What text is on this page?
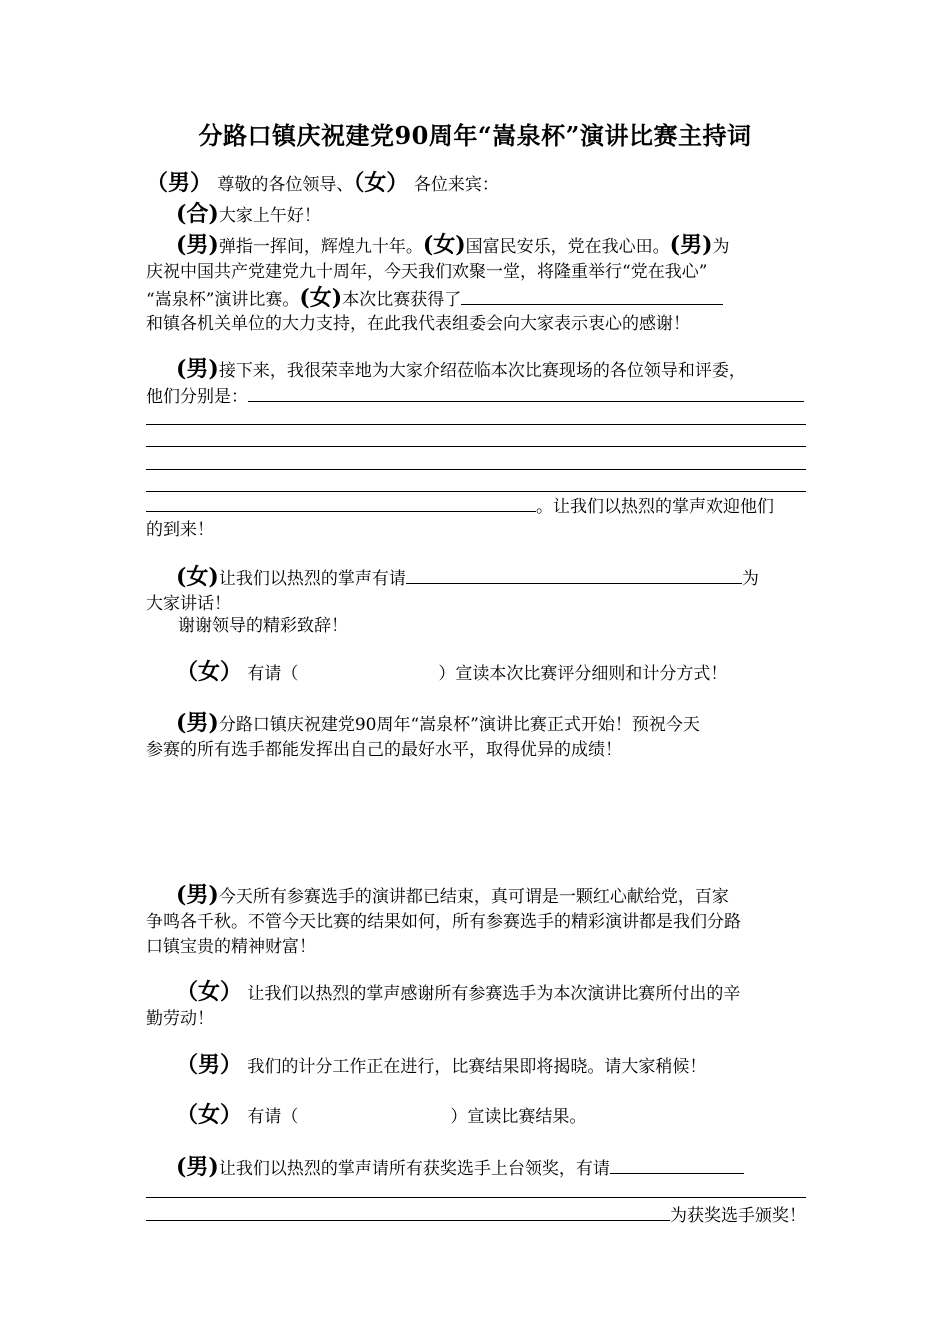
分路口镇庆祝建党90周年“嵩泉杯”演讲比赛主持词
（男） 尊敬的各位领导、（女） 各位来宾：
(合)大家上午好！
(男)弹指一挥间，辉煌九十年。(女)国富民安乐，党在我心田。(男)为
庆祝中国共产党建党九十周年，今天我们欢聚一堂，将隆重举行“党在我心”
“嵩泉杯”演讲比赛。(女)本次比赛获得了
和镇各机关单位的大力支持，在此我代表组委会向大家表示衷心的感谢！
(男)接下来，我很荣幸地为大家介绍莅临本次比赛现场的各位领导和评委，
他们分别是：
。让我们以热烈的掌声欢迎他们
的到来！
(女)让我们以热烈的掌声有请	为
大家讲话！
谢谢领导的精彩致辞！
（女） 有请（	）宣读本次比赛评分细则和计分方式！
(男)分路口镇庆祝建党90周年“嵩泉杯”演讲比赛正式开始！预祝今天
参赛的所有选手都能发挥出自己的最好水平，取得优异的成绩！
(男)今天所有参赛选手的演讲都已结束，真可谓是一颗红心献给党，百家
争鸣各千秋。不管今天比赛的结果如何，所有参赛选手的精彩演讲都是我们分路
口镇宝贵的精神财富！
（女） 让我们以热烈的掌声感谢所有参赛选手为本次演讲比赛所付出的辛
勤劳动！
（男） 我们的计分工作正在进行，比赛结果即将揭晓。请大家稍候！
（女） 有请（	）宣读比赛结果。
(男)让我们以热烈的掌声请所有获奖选手上台领奖，有请
为获奖选手颁奖！
